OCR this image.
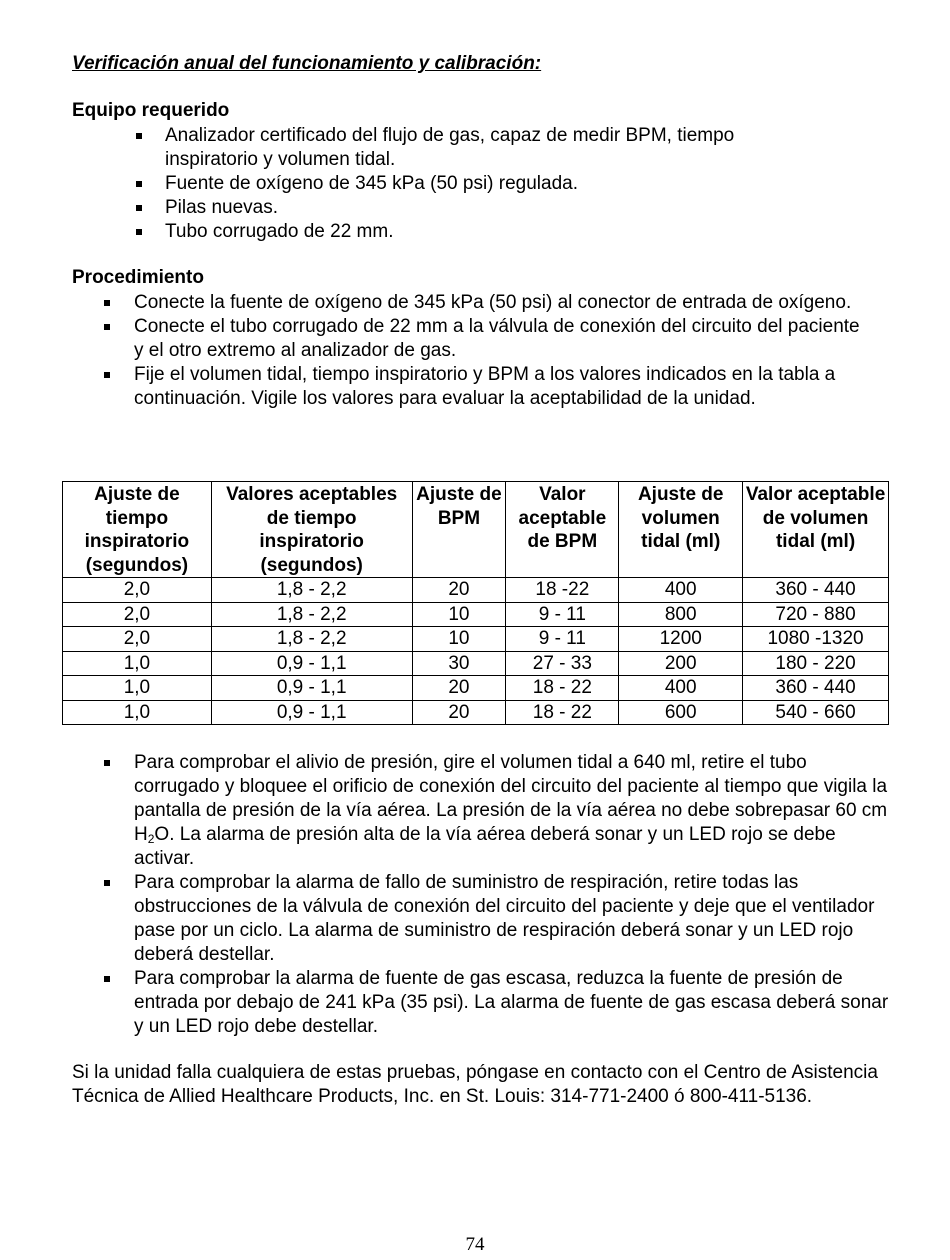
Verificación anual del funcionamiento y calibración:
Equipo requerido
Analizador certificado del flujo de gas, capaz de medir BPM, tiempo inspiratorio y volumen tidal.
Fuente de oxígeno de 345 kPa (50 psi) regulada.
Pilas nuevas.
Tubo corrugado de 22 mm.
Procedimiento
Conecte la fuente de oxígeno de 345 kPa (50 psi) al conector de entrada de oxígeno.
Conecte el tubo corrugado de 22 mm a la válvula de conexión del circuito del paciente y el otro extremo al analizador de gas.
Fije el volumen tidal, tiempo inspiratorio y BPM a los valores indicados en la tabla a continuación. Vigile los valores para evaluar la aceptabilidad de la unidad.
Ajuste de tiempo inspiratorio (segundos)	Valores aceptables de tiempo inspiratorio (segundos)	Ajuste de BPM	Valor aceptable de BPM	Ajuste de volumen tidal (ml)	Valor aceptable de volumen tidal (ml)
2,0	1,8 - 2,2	20	18 -22	400	360 - 440
2,0	1,8 - 2,2	10	9 - 11	800	720 - 880
2,0	1,8 - 2,2	10	9 - 11	1200	1080 -1320
1,0	0,9 - 1,1	30	27 - 33	200	180 - 220
1,0	0,9 - 1,1	20	18 - 22	400	360 - 440
1,0	0,9 - 1,1	20	18 - 22	600	540 - 660
Para comprobar el alivio de presión, gire el volumen tidal a 640 ml, retire el tubo corrugado y bloquee el orificio de conexión del circuito del paciente al tiempo que vigila la pantalla de presión de la vía aérea. La presión de la vía aérea no debe sobrepasar 60 cm $H_2O$. La alarma de presión alta de la vía aérea deberá sonar y un LED rojo se debe activar.
Para comprobar la alarma de fallo de suministro de respiración, retire todas las obstrucciones de la válvula de conexión del circuito del paciente y deje que el ventilador pase por un ciclo. La alarma de suministro de respiración deberá sonar y un LED rojo deberá destellar.
Para comprobar la alarma de fuente de gas escasa, reduzca la fuente de presión de entrada por debajo de 241 kPa (35 psi). La alarma de fuente de gas escasa deberá sonar y un LED rojo debe destellar.
Si la unidad falla cualquiera de estas pruebas, póngase en contacto con el Centro de Asistencia Técnica de Allied Healthcare Products, Inc. en St. Louis: 314-771-2400 ó 800-411-5136.
74
